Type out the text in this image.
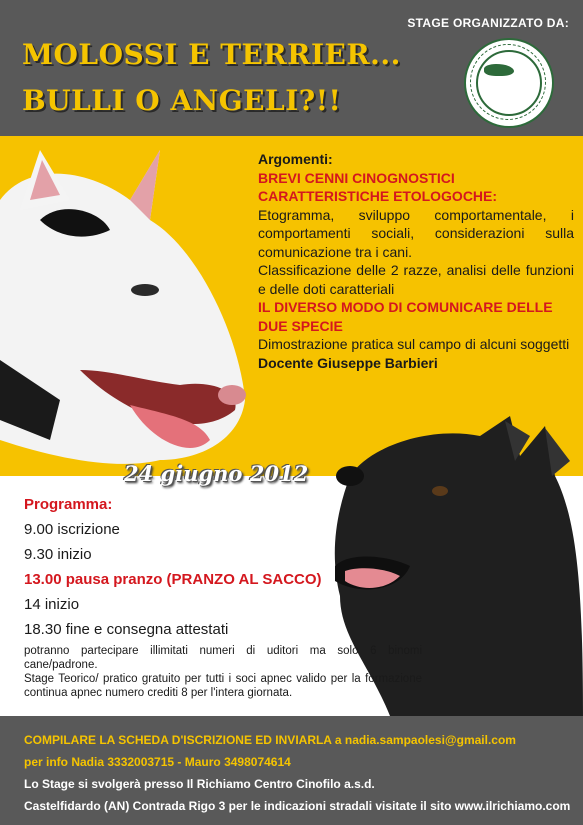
STAGE ORGANIZZATO DA:
MOLOSSI E TERRIER...
BULLI O ANGELI?!!
Argomenti:
BREVI CENNI CINOGNOSTICI
CARATTERISTICHE ETOLOGOCHE:

Etogramma, sviluppo comportamentale, i comportamenti sociali, considerazioni sulla comunicazione tra i cani.

Classificazione delle 2 razze, analisi delle funzioni e delle doti caratteriali

IL DIVERSO MODO DI COMUNICARE DELLE DUE SPECIE

Dimostrazione pratica sul campo di alcuni soggetti

Docente Giuseppe Barbieri
24 giugno 2012
Programma:
9.00 iscrizione
9.30 inizio
13.00 pausa pranzo (PRANZO AL SACCO)
14 inizio
18.30 fine e consegna attestati

potranno partecipare illimitati numeri di uditori ma solo 6 binomi cane/padrone.

Stage Teorico/ pratico gratuito per tutti i soci apnec valido per la formazione continua apnec numero crediti 8 per l'intera giornata.

COMPILARE LA SCHEDA D'ISCRIZIONE ED INVIARLA a nadia.sampaolesi@gmail.com
per info Nadia 3332003715 - Mauro 3498074614
Lo Stage si svolgerà presso Il Richiamo Centro Cinofilo a.s.d.
Castelfidardo (AN) Contrada Rigo 3 per le indicazioni stradali visitate il sito www.ilrichiamo.com
